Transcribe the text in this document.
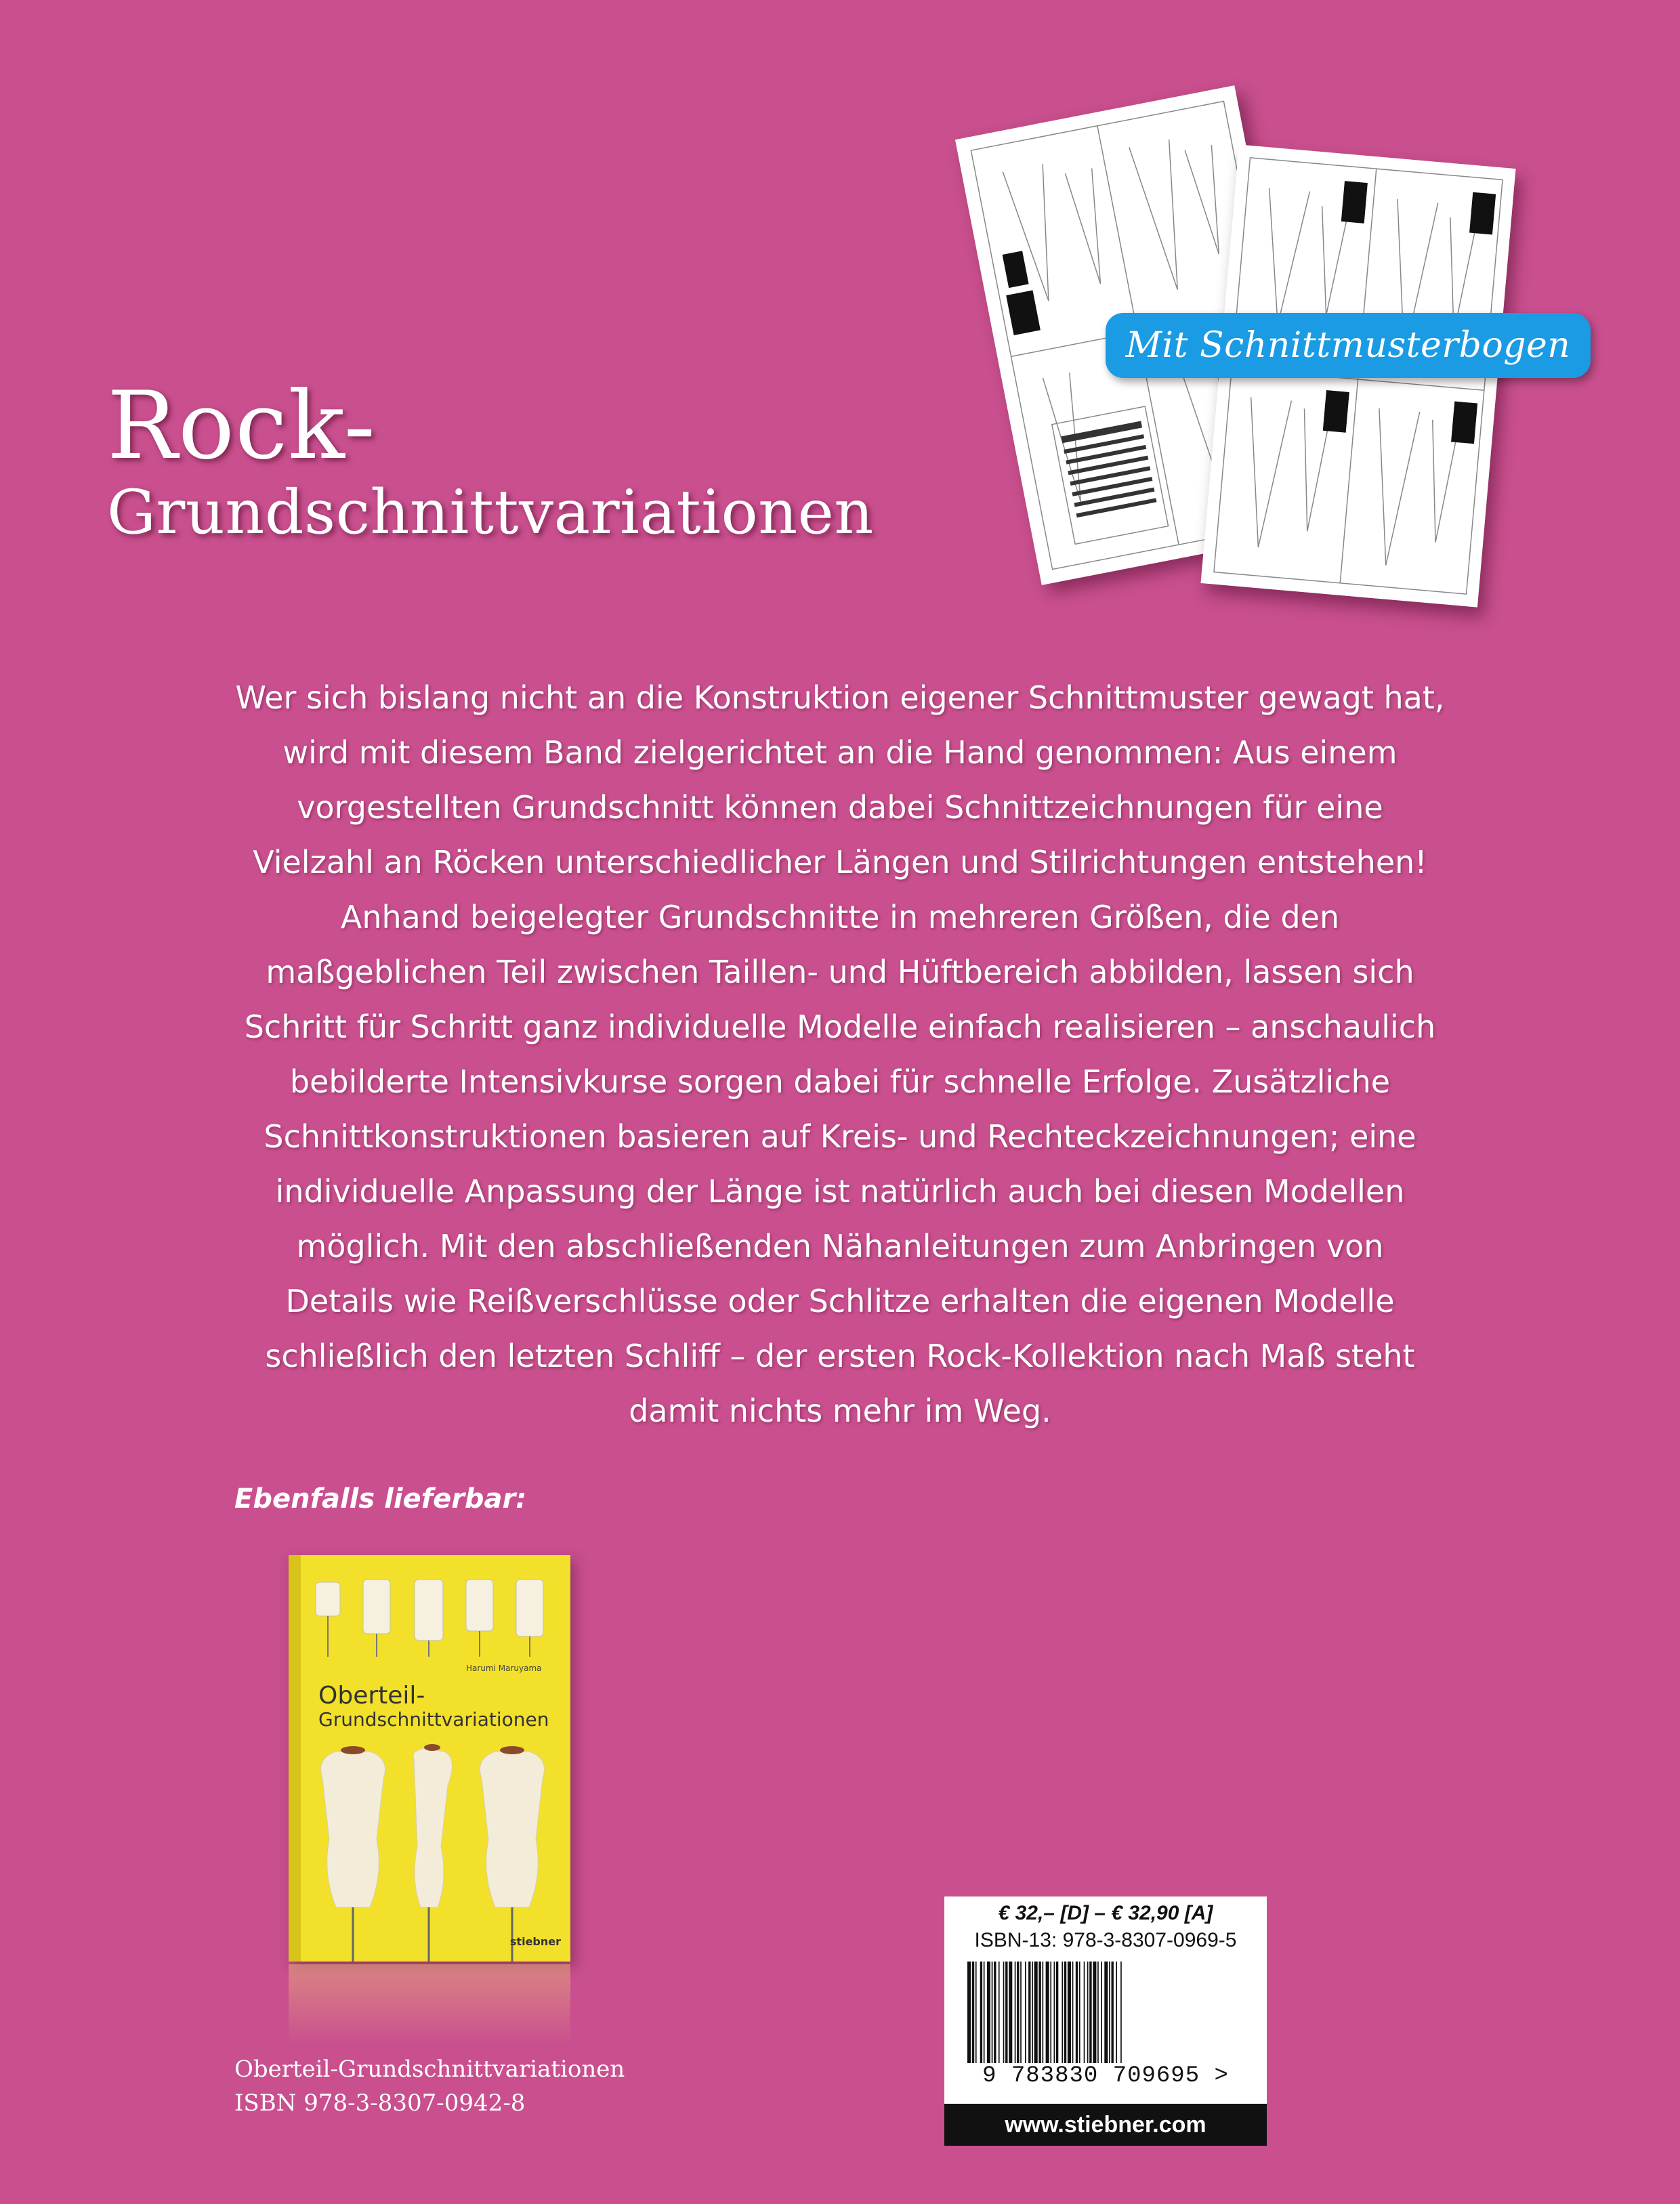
Mit Schnittmusterbogen
Rock-
Grundschnittvariationen
Wer sich bislang nicht an die Konstruktion eigener Schnittmuster gewagt hat,
wird mit diesem Band zielgerichtet an die Hand genommen: Aus einem
vorgestellten Grundschnitt können dabei Schnittzeichnungen für eine
Vielzahl an Röcken unterschiedlicher Längen und Stilrichtungen entstehen!
Anhand beigelegter Grundschnitte in mehreren Größen, die den
maßgeblichen Teil zwischen Taillen- und Hüftbereich abbilden, lassen sich
Schritt für Schritt ganz individuelle Modelle einfach realisieren – anschaulich
bebilderte Intensivkurse sorgen dabei für schnelle Erfolge. Zusätzliche
Schnittkonstruktionen basieren auf Kreis- und Rechteckzeichnungen; eine
individuelle Anpassung der Länge ist natürlich auch bei diesen Modellen
möglich. Mit den abschließenden Nähanleitungen zum Anbringen von
Details wie Reißverschlüsse oder Schlitze erhalten die eigenen Modelle
schließlich den letzten Schliff – der ersten Rock-Kollektion nach Maß steht
damit nichts mehr im Weg.
Ebenfalls lieferbar:
Oberteil-
Grundschnittvariationen
Harumi Maruyama
stiebner
Oberteil-Grundschnittvariationen
ISBN 978-3-8307-0942-8
€ 32,– [D] – € 32,90 [A]
ISBN-13: 978-3-8307-0969-5
9 783830 709695 >
www.stiebner.com
